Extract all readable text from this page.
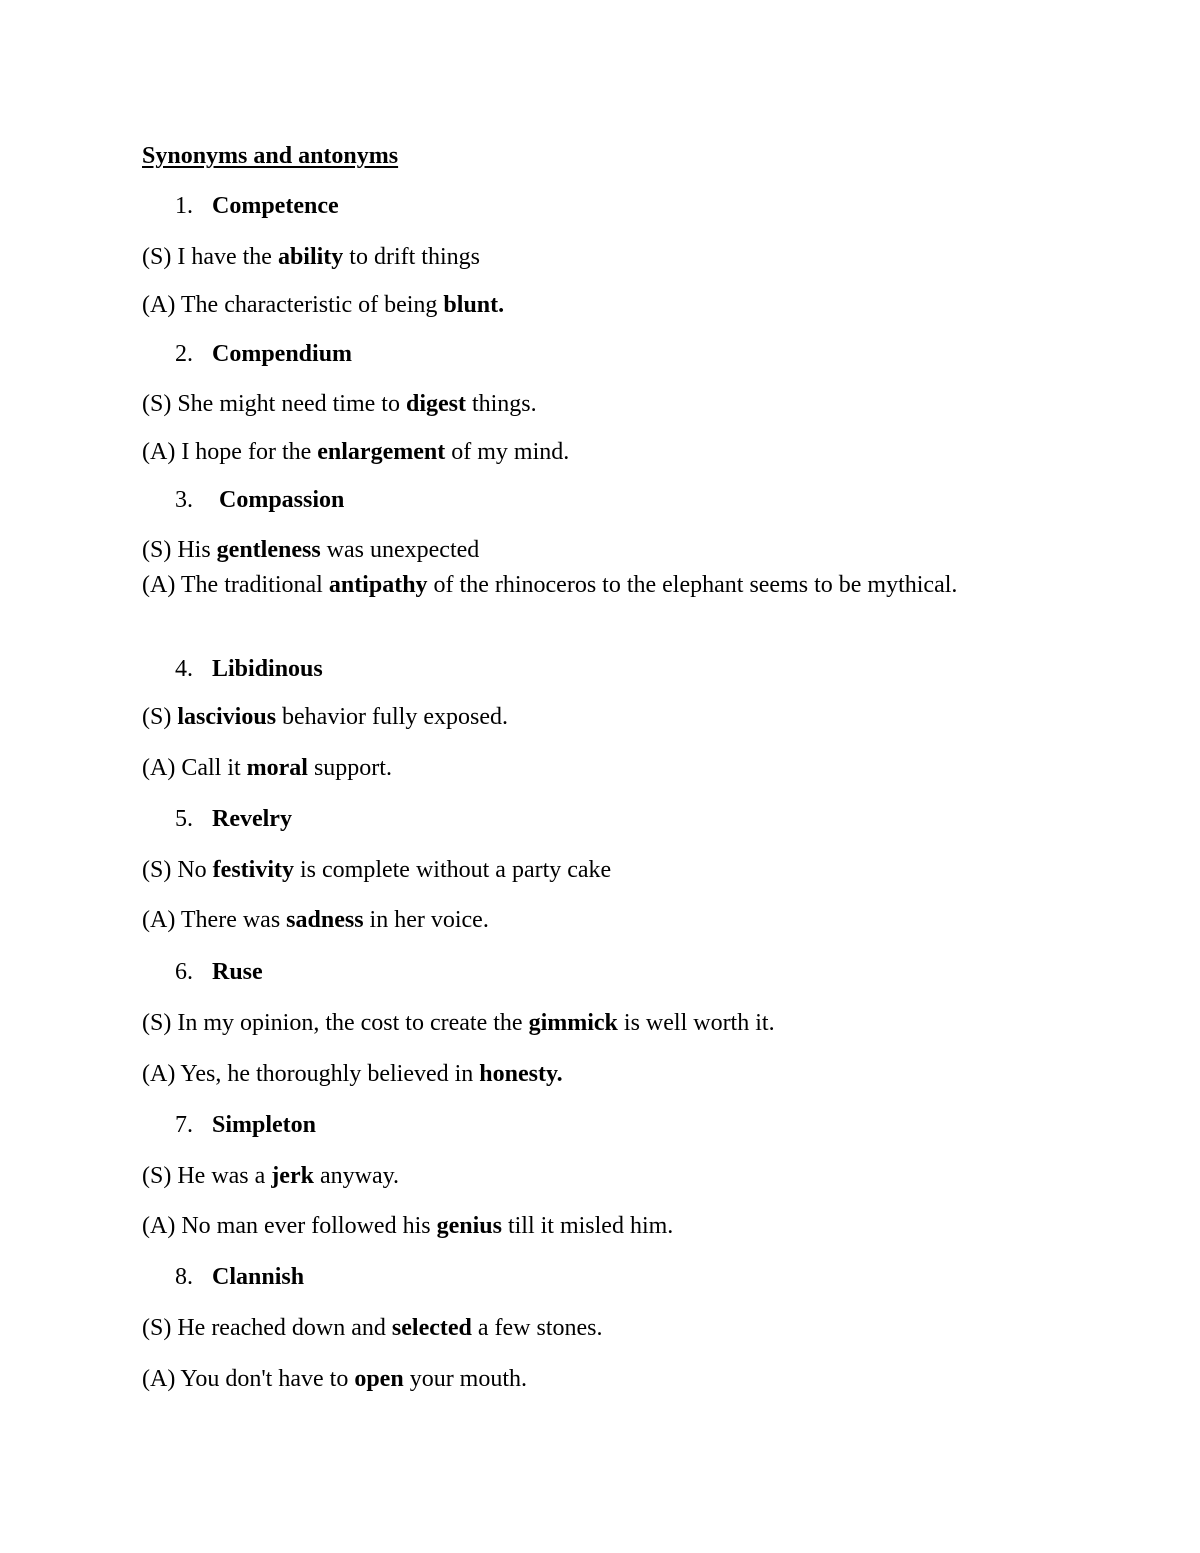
Synonyms and antonyms
1. Competence
(S) I have the ability to drift things
(A) The characteristic of being blunt.
2. Compendium
(S) She might need time to digest things.
(A) I hope for the enlargement of my mind.
3. Compassion
(S) His gentleness was unexpected
(A) The traditional antipathy of the rhinoceros to the elephant seems to be mythical.
4. Libidinous
(S) lascivious behavior fully exposed.
(A) Call it moral support.
5. Revelry
(S) No festivity is complete without a party cake
(A) There was sadness in her voice.
6. Ruse
(S) In my opinion, the cost to create the gimmick is well worth it.
(A) Yes, he thoroughly believed in honesty.
7. Simpleton
(S) He was a jerk anyway.
(A) No man ever followed his genius till it misled him.
8. Clannish
(S) He reached down and selected a few stones.
(A) You don't have to open your mouth.
